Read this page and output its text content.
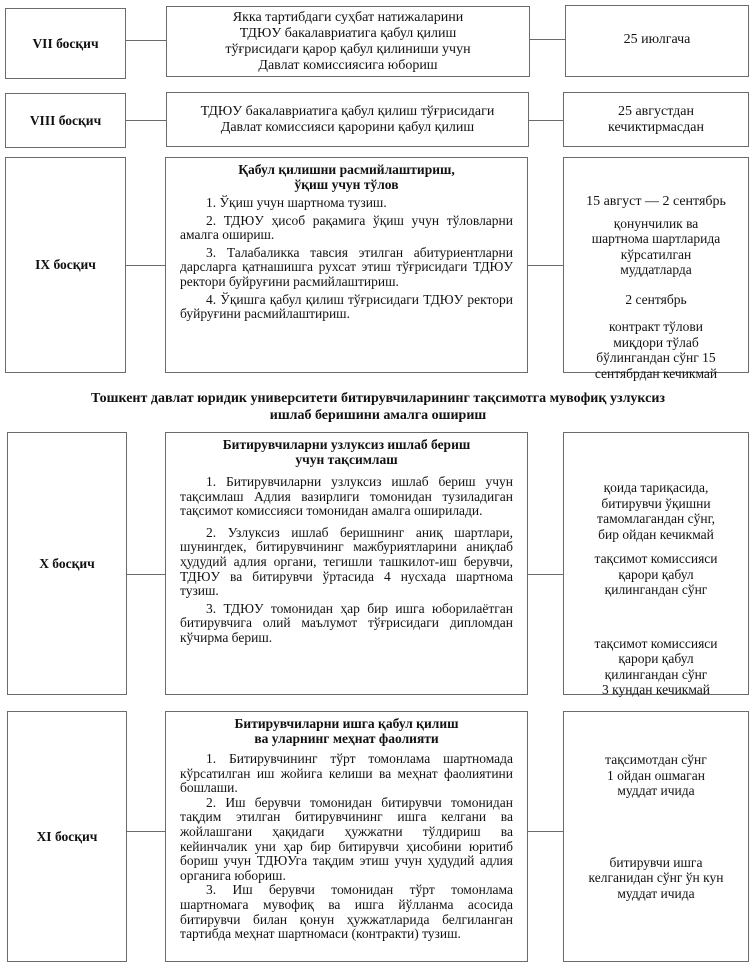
VII босқич
Якка тартибдаги суҳбат натижаларини
ТДЮУ бакалавриатига қабул қилиш
тўғрисидаги қарор қабул қилиниши учун
Давлат комиссиясига юбориш
25 июлгача
VIII босқич
ТДЮУ бакалавриатига қабул қилиш тўғрисидаги
Давлат комиссияси қарорини қабул қилиш
25 августдан
кечиктирмасдан
IX босқич
Қабул қилишни расмийлаштириш,
ўқиш учун тўлов
1. Ўқиш учун шартнома тузиш.
2. ТДЮУ ҳисоб рақамига ўқиш учун тўловларни амалга ошириш.
3. Талабаликка тавсия этилган абитуриентларни дарсларга қатнашишга рухсат этиш тўғрисидаги ТДЮУ ректори буйруғини расмийлаштириш.
4. Ўқишга қабул қилиш тўғрисидаги ТДЮУ ректори буйруғини расмийлаштириш.
15 август — 2 сентябрь
қонунчилик ва
шартнома шартларида
кўрсатилган
муддатларда
2 сентябрь
контракт тўлови
миқдори тўлаб
бўлингандан сўнг 15
сентябрдан кечикмай
Тошкент давлат юридик университети битирувчиларининг тақсимотга мувофиқ узлуксиз
ишлаб беришини амалга ошириш
X босқич
Битирувчиларни узлуксиз ишлаб бериш
учун тақсимлаш
1. Битирувчиларни узлуксиз ишлаб бериш учун тақсимлаш Адлия вазирлиги томонидан тузиладиган тақсимот комиссияси томонидан амалга оширилади.
2. Узлуксиз ишлаб беришнинг аниқ шартлари, шунингдек, битирувчининг мажбуриятларини аниқлаб ҳудудий адлия органи, тегишли ташкилот-иш берувчи, ТДЮУ ва битирувчи ўртасида 4 нусхада шартнома тузиш.
3. ТДЮУ томонидан ҳар бир ишга юборилаётган битирувчига олий маълумот тўғрисидаги дипломдан кўчирма бериш.
қоида тариқасида,
битирувчи ўқишни
тамомлагандан сўнг,
бир ойдан кечикмай
тақсимот комиссияси
қарори қабул
қилингандан сўнг
тақсимот комиссияси
қарори қабул
қилингандан сўнг
3 кундан кечикмай
XI босқич
Битирувчиларни ишга қабул қилиш
ва уларнинг меҳнат фаолияти
1. Битирувчининг тўрт томонлама шартномада кўрсатилган иш жойига келиши ва меҳнат фаолиятини бошлаши.
2. Иш берувчи томонидан битирувчи томонидан тақдим этилган битирувчининг ишга келгани ва жойлашгани ҳақидаги ҳужжатни тўлдириш ва кейинчалик уни ҳар бир битирувчи ҳисобини юритиб бориш учун ТДЮУга тақдим этиш учун ҳудудий адлия органига юбориш.
3. Иш берувчи томонидан тўрт томонлама шартномага мувофиқ ва ишга йўлланма асосида битирувчи билан қонун ҳужжатларида белгиланган тартибда меҳнат шартномаси (контракти) тузиш.
тақсимотдан сўнг
1 ойдан ошмаган
муддат ичида
битирувчи ишга
келганидан сўнг ўн кун
муддат ичида
